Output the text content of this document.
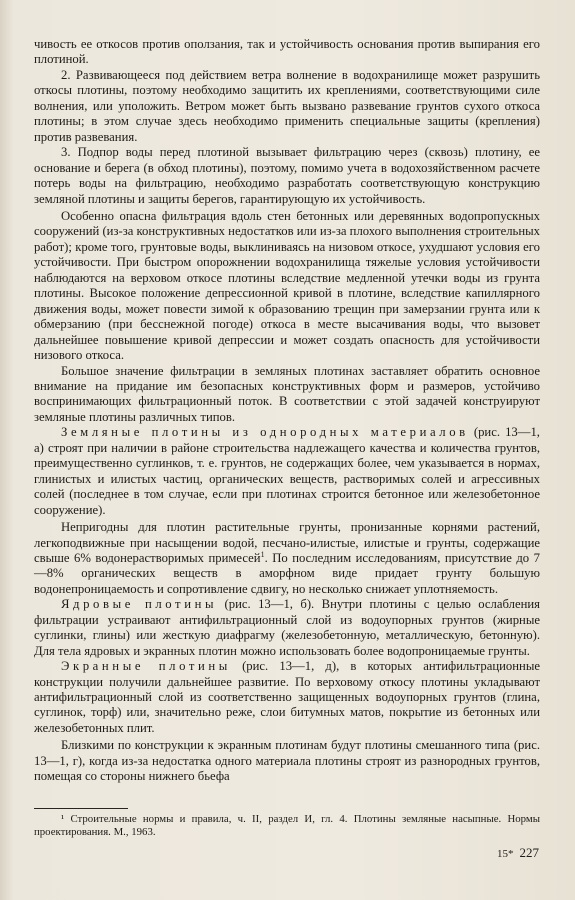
чивость ее откосов против оползания, так и устойчивость основания против выпирания его плотиной.

2. Развивающееся под действием ветра волнение в водохранилище может разрушить откосы плотины, поэтому необходимо защитить их креплениями, соответствующими силе волнения, или уположить. Ветром может быть вызвано развевание грунтов сухого откоса плотины; в этом случае здесь необходимо применить специальные защиты (крепления) против развевания.

3. Подпор воды перед плотиной вызывает фильтрацию через (сквозь) плотину, ее основание и берега (в обход плотины), поэтому, помимо учета в водохозяйственном расчете потерь воды на фильтрацию, необходимо разработать соответствующую конструкцию земляной плотины и защиты берегов, гарантирующую их устойчивость.

Особенно опасна фильтрация вдоль стен бетонных или деревянных водопропускных сооружений (из-за конструктивных недостатков или из-за плохого выполнения строительных работ); кроме того, грунтовые воды, выклиниваясь на низовом откосе, ухудшают условия его устойчивости. При быстром опорожнении водохранилища тяжелые условия устойчивости наблюдаются на верховом откосе плотины вследствие медленной утечки воды из грунта плотины. Высокое положение депрессионной кривой в плотине, вследствие капиллярного движения воды, может повести зимой к образованию трещин при замерзании грунта или к обмерзанию (при бесснежной погоде) откоса в месте высачивания воды, что вызовет дальнейшее повышение кривой депрессии и может создать опасность для устойчивости низового откоса.

Большое значение фильтрации в земляных плотинах заставляет обратить основное внимание на придание им безопасных конструктивных форм и размеров, устойчиво воспринимающих фильтрационный поток. В соответствии с этой задачей конструируют земляные плотины различных типов.

Земляные плотины из однородных материалов (рис. 13—1, а) строят при наличии в районе строительства надлежащего качества и количества грунтов, преимущественно суглинков, т. е. грунтов, не содержащих более, чем указывается в нормах, глинистых и илистых частиц, органических веществ, растворимых солей и агрессивных солей (последнее в том случае, если при плотинах строится бетонное или железобетонное сооружение).

Непригодны для плотин растительные грунты, пронизанные корнями растений, легкоподвижные при насыщении водой, песчано-илистые, илистые и грунты, содержащие свыше 6% водонерастворимых примесей$^1$. По последним исследованиям, присутствие до 7—8% органических веществ в аморфном виде придает грунту большую водонепроницаемость и сопротивление сдвигу, но несколько снижает уплотняемость.

Ядровые плотины (рис. 13—1, б). Внутри плотины с целью ослабления фильтрации устраивают антифильтрационный слой из водоупорных грунтов (жирные суглинки, глины) или жесткую диафрагму (железобетонную, металлическую, бетонную). Для тела ядровых и экранных плотин можно использовать более водопроницаемые грунты.

Экранные плотины (рис. 13—1, д), в которых антифильтрационные конструкции получили дальнейшее развитие. По верховому откосу плотины укладывают антифильтрационный слой из соответственно защищенных водоупорных грунтов (глина, суглинок, торф) или, значительно реже, слои битумных матов, покрытие из бетонных или железобетонных плит.

Близкими по конструкции к экранным плотинам будут плотины смешанного типа (рис. 13—1, г), когда из-за недостатка одного материала плотины строят из разнородных грунтов, помещая со стороны нижнего бьефа

¹ Строительные нормы и правила, ч. II, раздел И, гл. 4. Плотины земляные насыпные. Нормы проектирования. М., 1963.

15* 227
